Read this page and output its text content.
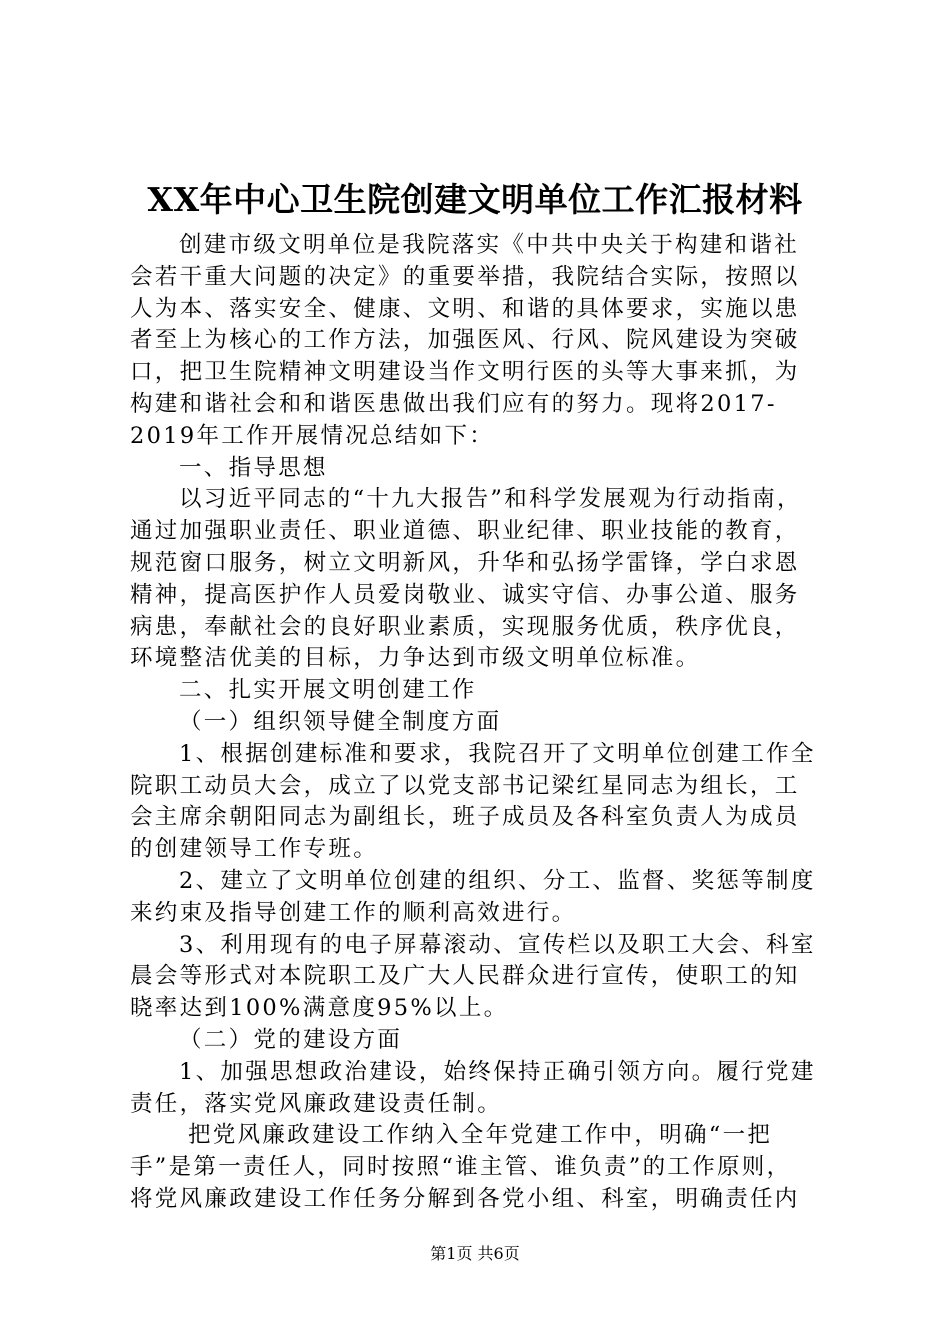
XX年中心卫生院创建文明单位工作汇报材料
创建市级文明单位是我院落实《中共中央关于构建和谐社
会若干重大问题的决定》的重要举措，我院结合实际，按照以
人为本、落实安全、健康、文明、和谐的具体要求，实施以患
者至上为核心的工作方法，加强医风、行风、院风建设为突破
口，把卫生院精神文明建设当作文明行医的头等大事来抓，为
构建和谐社会和和谐医患做出我们应有的努力。现将2017-
2019年工作开展情况总结如下：
一、指导思想
以习近平同志的“十九大报告”和科学发展观为行动指南，
通过加强职业责任、职业道德、职业纪律、职业技能的教育，
规范窗口服务，树立文明新风，升华和弘扬学雷锋，学白求恩
精神，提高医护作人员爱岗敬业、诚实守信、办事公道、服务
病患，奉献社会的良好职业素质，实现服务优质，秩序优良，
环境整洁优美的目标，力争达到市级文明单位标准。
二、扎实开展文明创建工作
（一）组织领导健全制度方面
1、根据创建标准和要求，我院召开了文明单位创建工作全
院职工动员大会，成立了以党支部书记梁红星同志为组长，工
会主席余朝阳同志为副组长，班子成员及各科室负责人为成员
的创建领导工作专班。
2、建立了文明单位创建的组织、分工、监督、奖惩等制度
来约束及指导创建工作的顺利高效进行。
3、利用现有的电子屏幕滚动、宣传栏以及职工大会、科室
晨会等形式对本院职工及广大人民群众进行宣传，使职工的知
晓率达到100%满意度95%以上。
（二）党的建设方面
1、加强思想政治建设，始终保持正确引领方向。履行党建
责任，落实党风廉政建设责任制。
把党风廉政建设工作纳入全年党建工作中，明确“一把
手”是第一责任人，同时按照“谁主管、谁负责”的工作原则，
将党风廉政建设工作任务分解到各党小组、科室，明确责任内
第1页 共6页
